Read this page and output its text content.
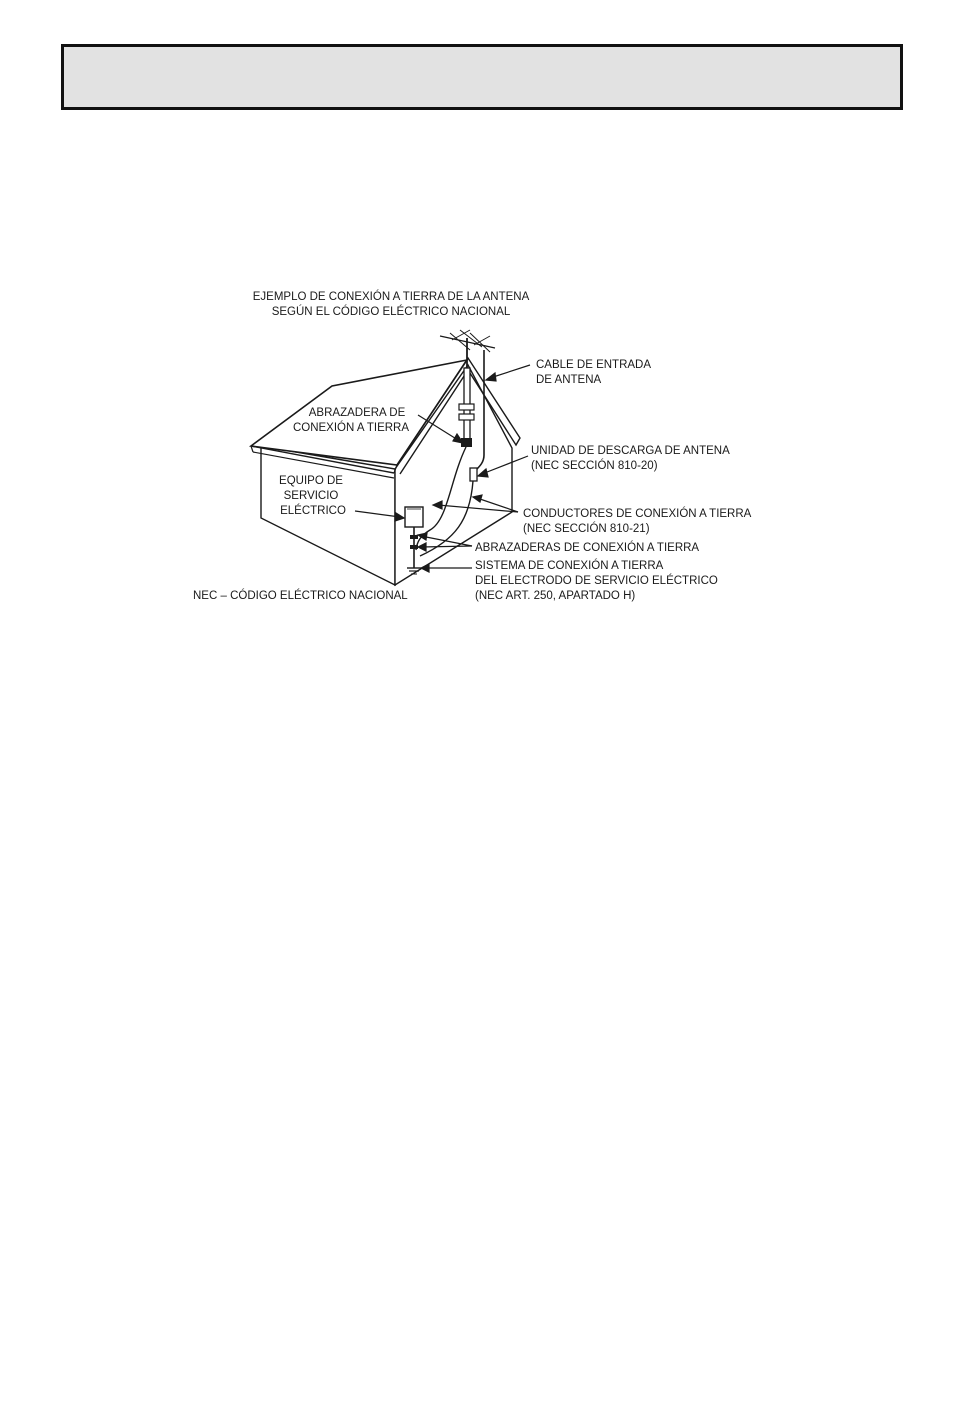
EJEMPLO DE CONEXIÓN A TIERRA DE LA ANTENA
SEGÚN EL CÓDIGO ELÉCTRICO NACIONAL
CABLE DE ENTRADA
DE ANTENA
ABRAZADERA DE
CONEXIÓN A TIERRA
UNIDAD DE DESCARGA DE ANTENA
(NEC SECCIÓN 810-20)
EQUIPO DE
SERVICIO
ELÉCTRICO	CONDUCTORES DE CONEXIÓN A TIERRA
(NEC SECCIÓN 810-21)
ABRAZADERAS DE CONEXIÓN A TIERRA
SISTEMA DE CONEXIÓN A TIERRA
DEL ELECTRODO DE SERVICIO ELÉCTRICO
(NEC ART. 250, APARTADO H)
NEC – CÓDIGO ELÉCTRICO NACIONAL
